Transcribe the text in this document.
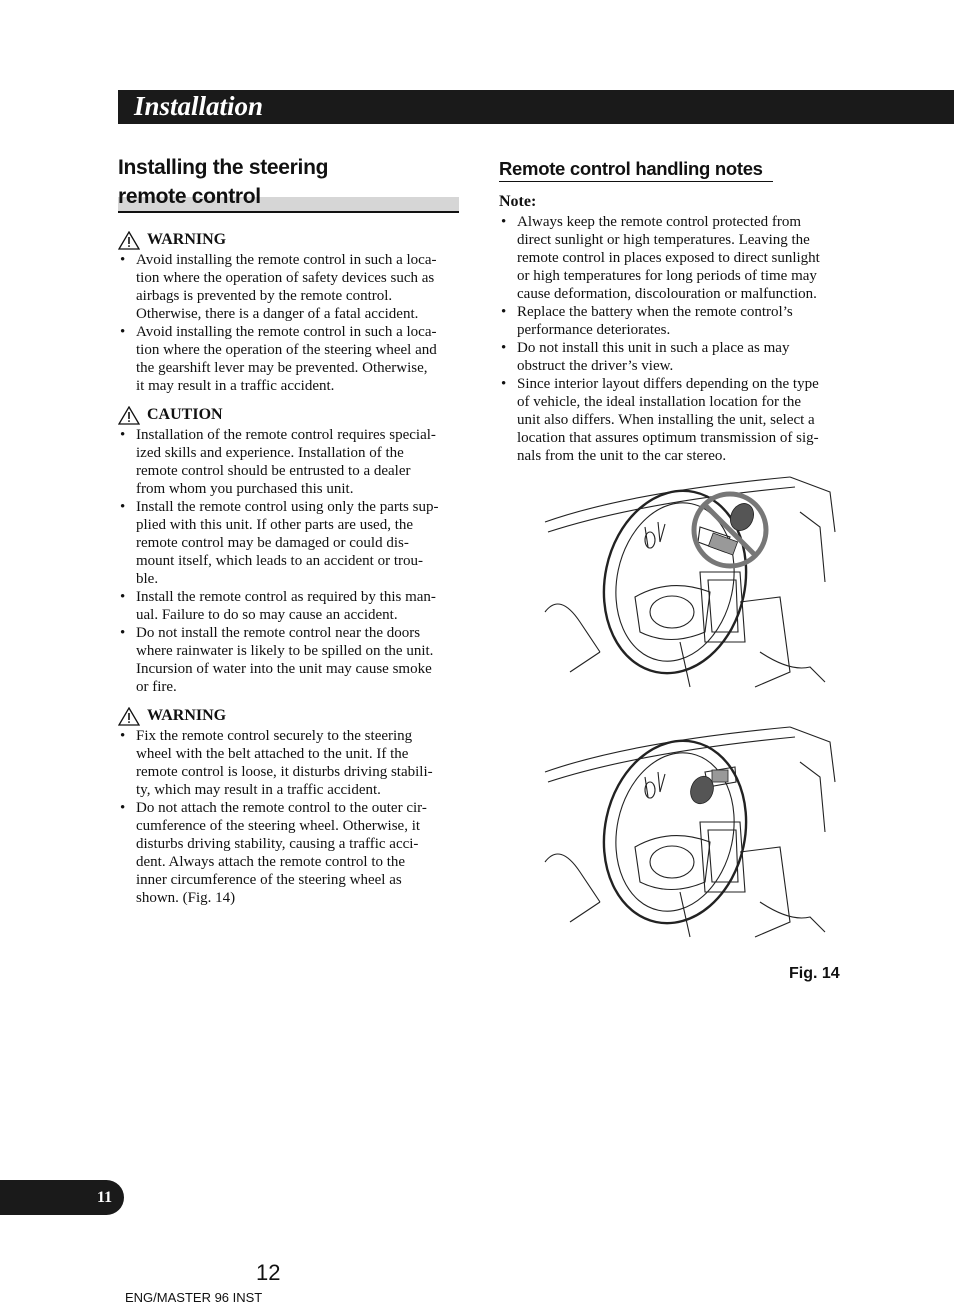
Installation
Installing the steering
remote control
WARNING
• Avoid installing the remote control in such a loca-
tion where the operation of safety devices such as
airbags is prevented by the remote control.
Otherwise, there is a danger of a fatal accident.
• Avoid installing the remote control in such a loca-
tion where the operation of the steering wheel and
the gearshift lever may be prevented. Otherwise,
it may result in a traffic accident.
CAUTION
• Installation of the remote control requires special-
ized skills and experience. Installation of the
remote control should be entrusted to a dealer
from whom you purchased this unit.
• Install the remote control using only the parts sup-
plied with this unit. If other parts are used, the
remote control may be damaged or could dis-
mount itself, which leads to an accident or trou-
ble.
• Install the remote control as required by this man-
ual. Failure to do so may cause an accident.
• Do not install the remote control near the doors
where rainwater is likely to be spilled on the unit.
Incursion of water into the unit may cause smoke
or fire.
WARNING
• Fix the remote control securely to the steering
wheel with the belt attached to the unit. If the
remote control is loose, it disturbs driving stabili-
ty, which may result in a traffic accident.
• Do not attach the remote control to the outer cir-
cumference of the steering wheel. Otherwise, it
disturbs driving stability, causing a traffic acci-
dent. Always attach the remote control to the
inner circumference of the steering wheel as
shown. (Fig. 14)
Remote control handling notes
Note:
• Always keep the remote control protected from
direct sunlight or high temperatures. Leaving the
remote control in places exposed to direct sunlight
or high temperatures for long periods of time may
cause deformation, discolouration or malfunction.
• Replace the battery when the remote control’s
performance deteriorates.
• Do not install this unit in such a place as may
obstruct the driver’s view.
• Since interior layout differs depending on the type
of vehicle, the ideal installation location for the
unit also differs. When installing the unit, select a
location that assures optimum transmission of sig-
nals from the unit to the car stereo.
Fig. 14
11
12
ENG/MASTER 96 INST
